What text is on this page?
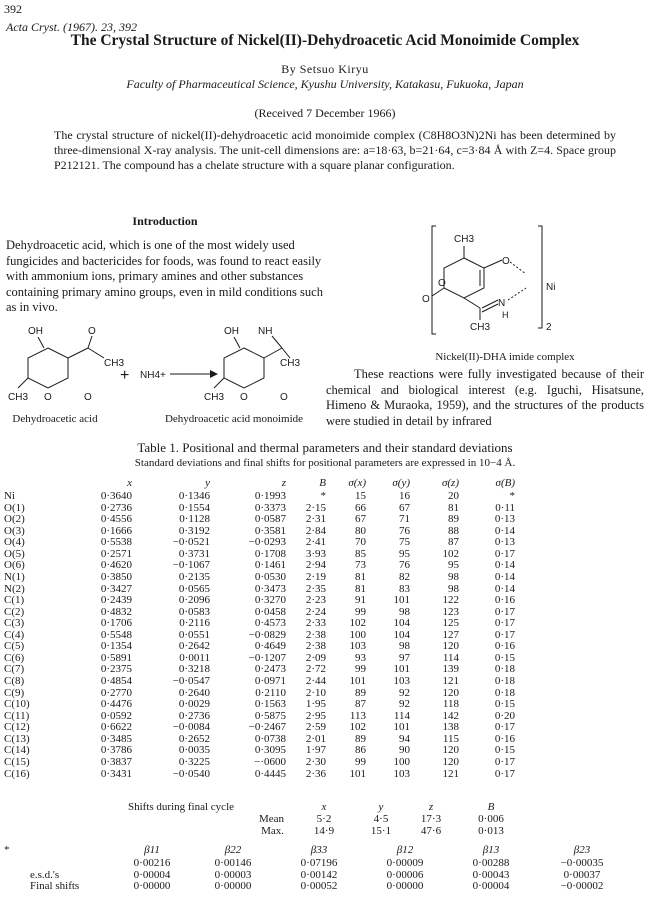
392
Acta Cryst. (1967). 23, 392
The Crystal Structure of Nickel(II)-Dehydroacetic Acid Monoimide Complex
By Setsuo Kiryu
Faculty of Pharmaceutical Science, Kyushu University, Katakasu, Fukuoka, Japan
(Received 7 December 1966)
The crystal structure of nickel(II)-dehydroacetic acid monoimide complex (C8H8O3N)2Ni has been determined by three-dimensional X-ray analysis. The unit-cell dimensions are: a=18·63, b=21·64, c=3·84 Å with Z=4. Space group P212121. The compound has a chelate structure with a square planar configuration.
Introduction
Dehydroacetic acid, which is one of the most widely used fungicides and bactericides for foods, was found to react easily with ammonium ions, primary amines and other substances containing primary amino groups, even in mild conditions such as in vivo.
CH3
O
O
Ni
O	N
H
CH3	2
Nickel(II)-DHA imide complex
OH	O
CH3
CH3 O	O
+ NH4+
OH NH
CH3
CH3 O	O
Dehydroacetic acid	Dehydroacetic acid monoimide
These reactions were fully investigated because of their chemical and biological interest (e.g. Iguchi, Hisatsune, Himeno & Muraoka, 1959), and the structures of the products were studied in detail by infrared
Table 1. Positional and thermal parameters and their standard deviations
Standard deviations and final shifts for positional parameters are expressed in 10−4 Å.
	x	y	z	B	σ(x)	σ(y)	σ(z)	σ(B)
Ni	0·3640	0·1346	0·1993	*	15	16	20	*
O(1)	0·2736	0·1554	0·3373	2·15	66	67	81	0·11
O(2)	0·4556	0·1128	0·0587	2·31	67	71	89	0·13
O(3)	0·1666	0·3192	0·3581	2·84	80	76	88	0·14
O(4)	0·5538	−0·0521	−0·0293	2·41	70	75	87	0·13
O(5)	0·2571	0·3731	0·1708	3·93	85	95	102	0·17
O(6)	0·4620	−0·1067	0·1461	2·94	73	76	95	0·14
N(1)	0·3850	0·2135	0·0530	2·19	81	82	98	0·14
N(2)	0·3427	0·0565	0·3473	2·35	81	83	98	0·14
C(1)	0·2439	0·2096	0·3270	2·23	91	101	122	0·16
C(2)	0·4832	0·0583	0·0458	2·24	99	98	123	0·17
C(3)	0·1706	0·2116	0·4573	2·33	102	104	125	0·17
C(4)	0·5548	0·0551	−0·0829	2·38	100	104	127	0·17
C(5)	0·1354	0·2642	0·4649	2·38	103	98	120	0·16
C(6)	0·5891	0·0011	−0·1207	2·09	93	97	114	0·15
C(7)	0·2375	0·3218	0·2473	2·72	99	101	139	0·18
C(8)	0·4854	−0·0547	0·0971	2·44	101	103	121	0·18
C(9)	0·2770	0·2640	0·2110	2·10	89	92	120	0·18
C(10)	0·4476	0·0029	0·1563	1·95	87	92	118	0·15
C(11)	0·0592	0·2736	0·5875	2·95	113	114	142	0·20
C(12)	0·6622	−0·0084	−0·2467	2·59	102	101	138	0·17
C(13)	0·3485	0·2652	0·0738	2·01	89	94	115	0·16
C(14)	0·3786	0·0035	0·3095	1·97	86	90	120	0·15
C(15)	0·3837	0·3225	−·0600	2·30	99	100	120	0·17
C(16)	0·3431	−0·0540	0·4445	2·36	101	103	121	0·17
Shifts during final cycle	x	y	z	B
Mean	5·2	4·5	17·3	0·006
Max.	14·9	15·1	47·6	0·013
*	β11	β22	β33	β12	β13	β23
	0·00216	0·00146	0·07196	0·00009	0·00288	−0·00035
e.s.d.'s	0·00004	0·00003	0·00142	0·00006	0·00043	0·00037
Final shifts	0·00000	0·00000	0·00052	0·00000	0·00004	−0·00002
